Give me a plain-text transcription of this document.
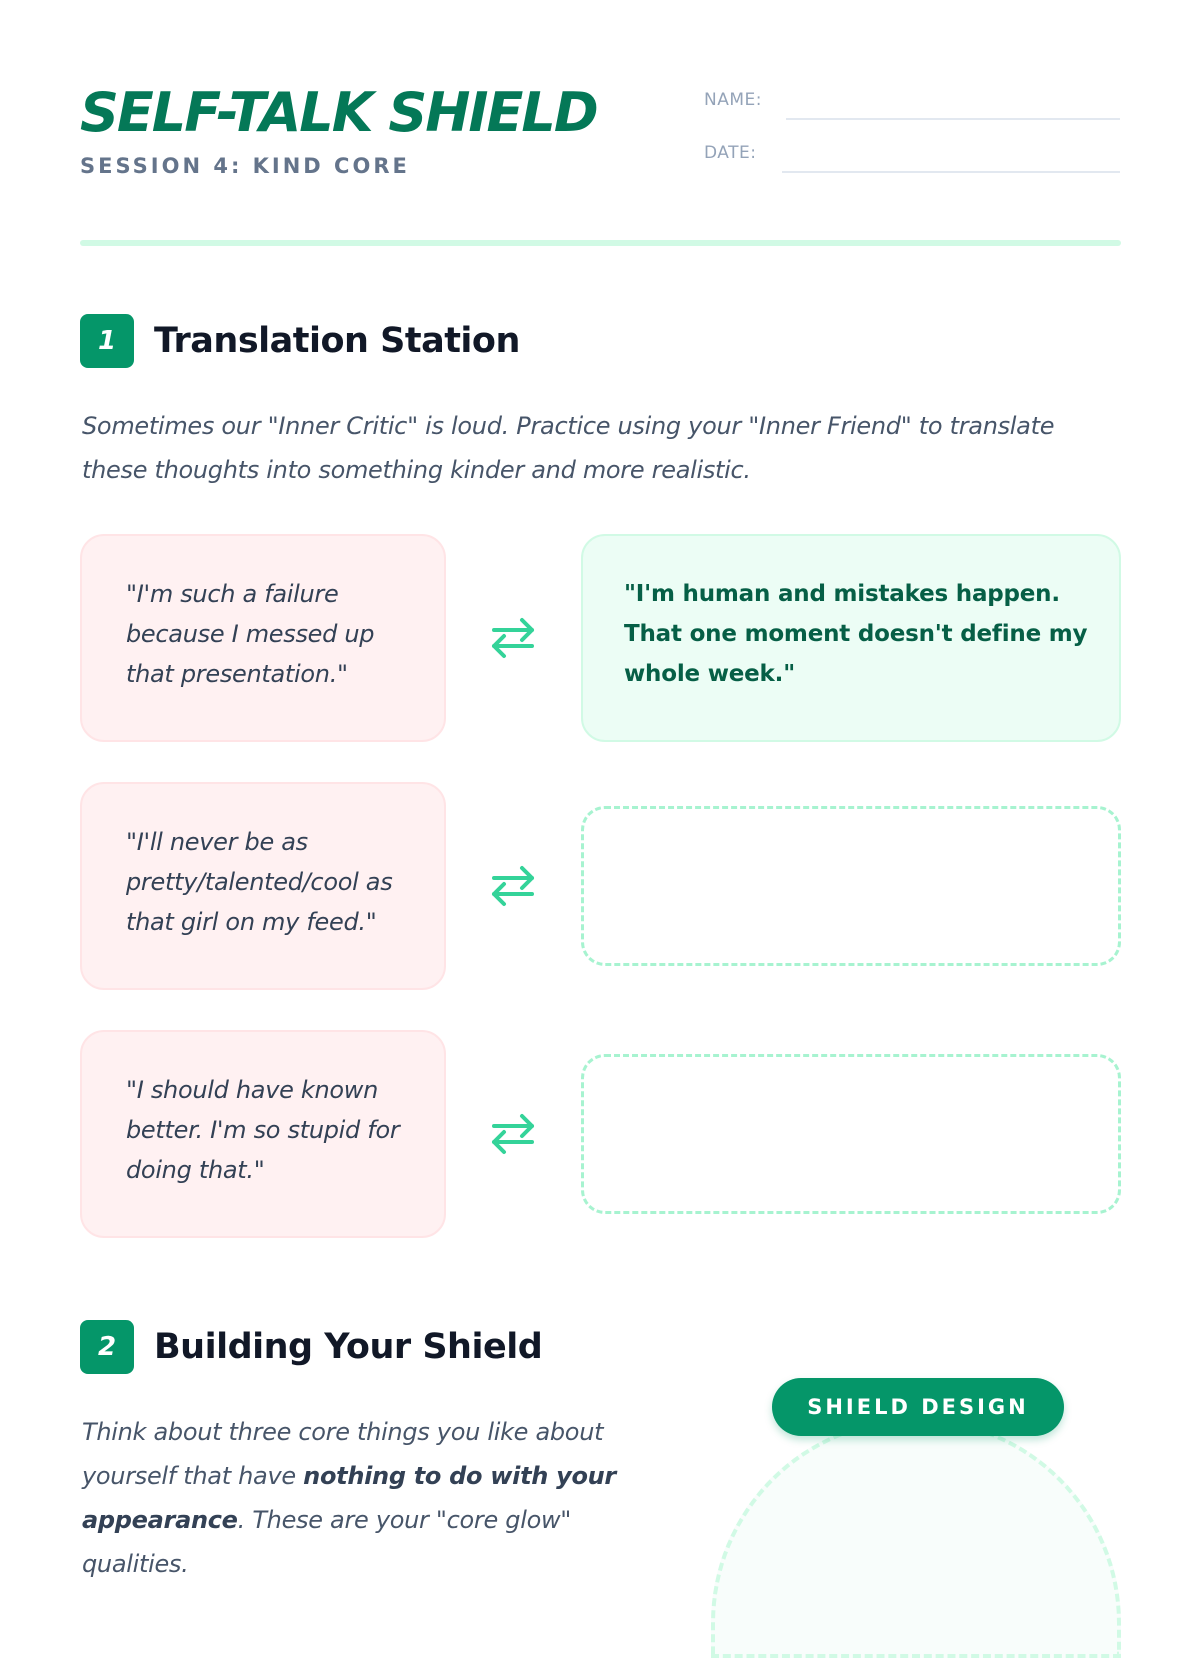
SELF-TALK SHIELD
SESSION 4: KIND CORE
NAME:
DATE:
1	Translation Station
Sometimes our "Inner Critic" is loud. Practice using your "Inner Friend" to translate these thoughts into something kinder and more realistic.
"I'm such a failure because I messed up that presentation."
"I'm human and mistakes happen. That one moment doesn't define my whole week."
"I'll never be as pretty/talented/cool as that girl on my feed."
"I should have known better. I'm so stupid for doing that."
2	Building Your Shield
Think about three core things you like about yourself that have nothing to do with your appearance. These are your "core glow" qualities.
SHIELD DESIGN
